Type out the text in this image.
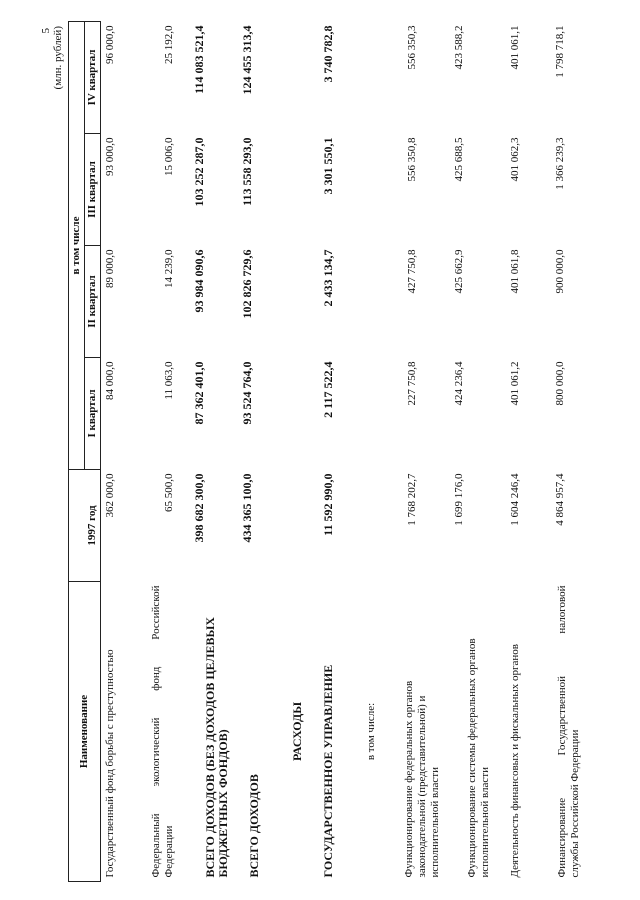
5 (млн. рублей)
Наименование	1997 год	в том числе			
		I квартал	II квартал	III квартал	IV квартал
Государственный фонд борьбы с преступностью	362 000,0	84 000,0	89 000,0	93 000,0	96 000,0

Федеральный экологический фонд Российской Федерации	65 500,0	11 063,0	14 239,0	15 006,0	25 192,0

ВСЕГО ДОХОДОВ (БЕЗ ДОХОДОВ ЦЕЛЕВЫХ БЮДЖЕТНЫХ ФОНДОВ)	398 682 300,0	87 362 401,0	93 984 090,6	103 252 287,0	114 083 521,4
ВСЕГО ДОХОДОВ	434 365 100,0	93 524 764,0	102 826 729,6	113 558 293,0	124 455 313,4
РАСХОДЫ					
ГОСУДАРСТВЕННОЕ УПРАВЛЕНИЕ	11 592 990,0	2 117 522,4	2 433 134,7	3 301 550,1	3 740 782,8
в том числе:					

Функционирование федеральных органов законодательной (представительной) и исполнительной власти	1 768 202,7	227 750,8	427 750,8	556 350,8	556 350,3

Функционирование системы федеральных органов исполнительной власти	1 699 176,0	424 236,4	425 662,9	425 688,5	423 588,2
Деятельность финансовых и фискальных органов	1 604 246,4	401 061,2	401 061,8	401 062,3	401 061,1

Финансирование Государственной налоговой службы Российской Федерации	4 864 957,4	800 000,0	900 000,0	1 366 239,3	1 798 718,1
